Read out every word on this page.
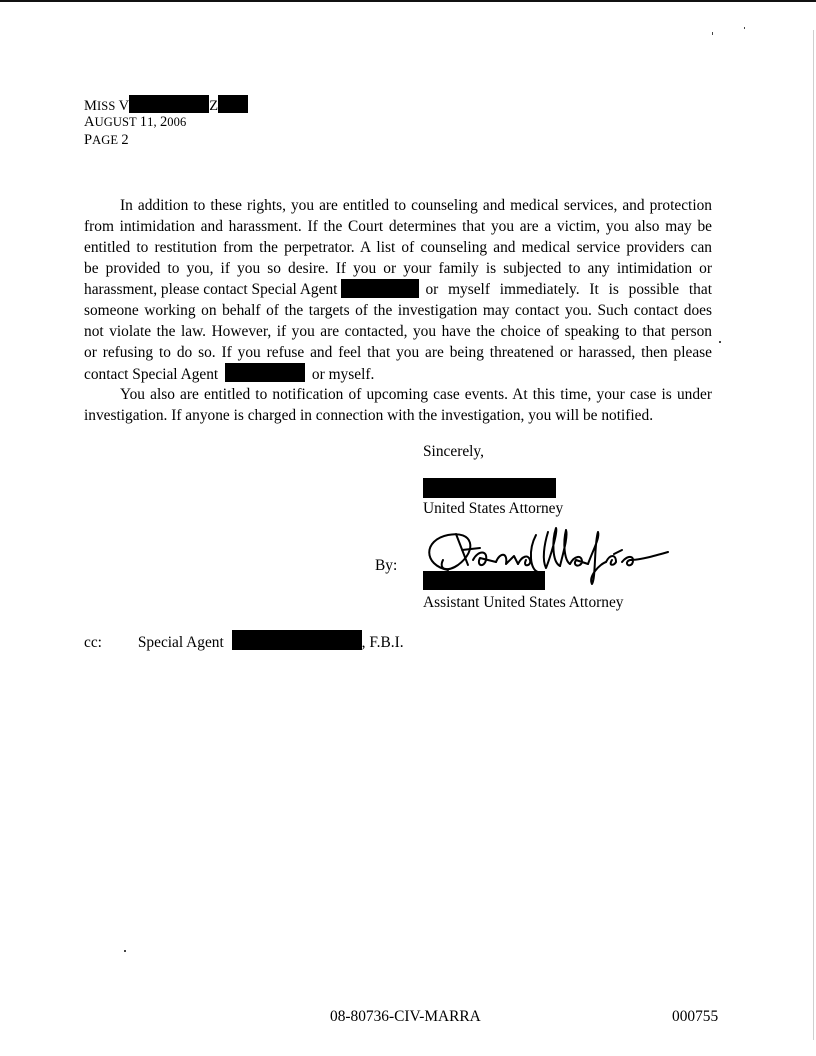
MISS V	Z
AUGUST 11, 2006
PAGE 2
In addition to these rights, you are entitled to counseling and medical services, and protection
from intimidation and harassment. If the Court determines that you are a victim, you also may be
entitled to restitution from the perpetrator. A list of counseling and medical service providers can
be provided to you, if you so desire. If you or your family is subjected to any intimidation or
harassment, please contact Special Agent	or myself immediately. It is possible that
someone working on behalf of the targets of the investigation may contact you. Such contact does
not violate the law. However, if you are contacted, you have the choice of speaking to that person
or refusing to do so. If you refuse and feel that you are being threatened or harassed, then please
contact Special Agent	or myself.
You also are entitled to notification of upcoming case events. At this time, your case is under
investigation. If anyone is charged in connection with the investigation, you will be notified.
Sincerely,
United States Attorney
By:
Assistant United States Attorney
cc: Special Agent	, F.B.I.
08-80736-CIV-MARRA	000755
